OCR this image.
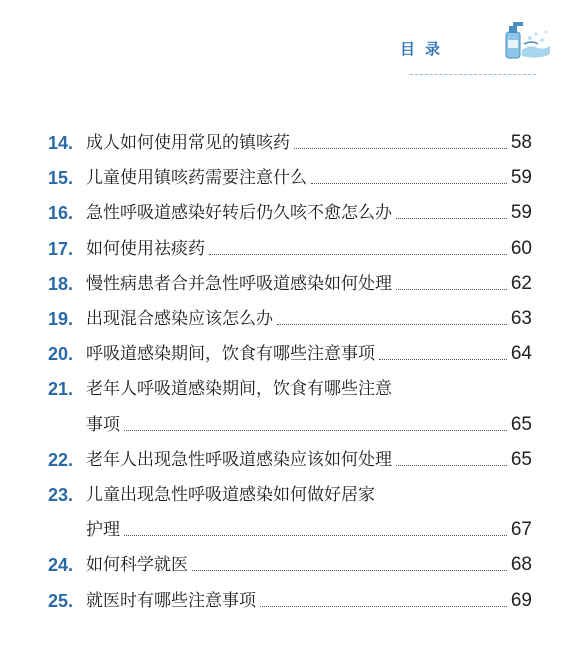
目录
14. 成人如何使用常见的镇咳药	58
15. 儿童使用镇咳药需要注意什么	59
16. 急性呼吸道感染好转后仍久咳不愈怎么办	59
17. 如何使用祛痰药	60
18. 慢性病患者合并急性呼吸道感染如何处理	62
19. 出现混合感染应该怎么办	63
20. 呼吸道感染期间，饮食有哪些注意事项	64
21. 老年人呼吸道感染期间，饮食有哪些注意
事项	65
22. 老年人出现急性呼吸道感染应该如何处理	65
23. 儿童出现急性呼吸道感染如何做好居家
护理	67
24. 如何科学就医	68
25. 就医时有哪些注意事项	69
